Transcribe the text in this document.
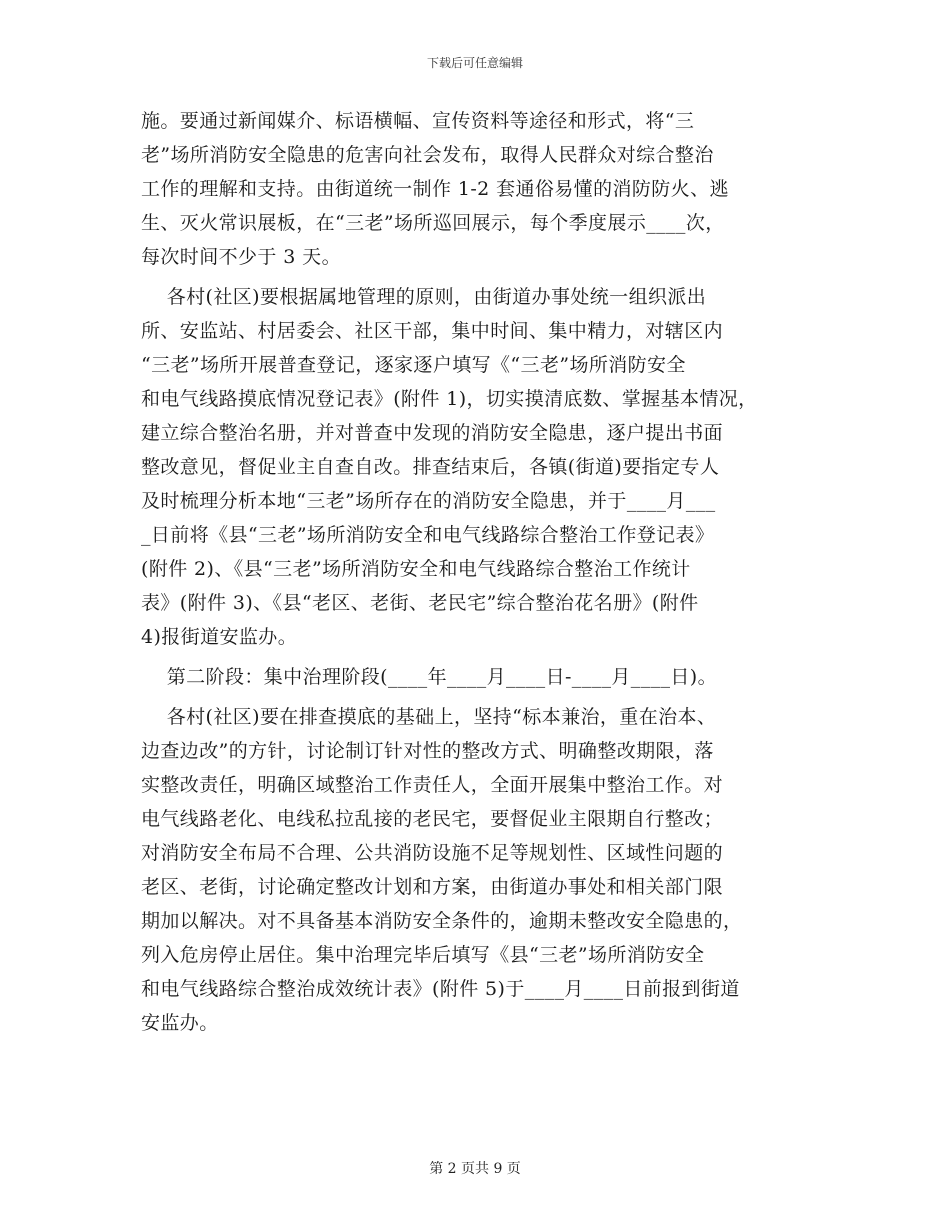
下载后可任意编辑
施。要通过新闻媒介、标语横幅、宣传资料等途径和形式，将“三
老”场所消防安全隐患的危害向社会发布，取得人民群众对综合整治
工作的理解和支持。由街道统一制作 1-2 套通俗易懂的消防防火、逃
生、灭火常识展板，在“三老”场所巡回展示，每个季度展示____次，
每次时间不少于 3 天。
各村(社区)要根据属地管理的原则，由街道办事处统一组织派出
所、安监站、村居委会、社区干部，集中时间、集中精力，对辖区内
“三老”场所开展普查登记，逐家逐户填写《“三老”场所消防安全
和电气线路摸底情况登记表》(附件 1)，切实摸清底数、掌握基本情况，
建立综合整治名册，并对普查中发现的消防安全隐患，逐户提出书面
整改意见，督促业主自查自改。排查结束后，各镇(街道)要指定专人
及时梳理分析本地“三老”场所存在的消防安全隐患，并于____月___
_日前将《县“三老”场所消防安全和电气线路综合整治工作登记表》
(附件 2)、《县“三老”场所消防安全和电气线路综合整治工作统计
表》(附件 3)、《县“老区、老街、老民宅”综合整治花名册》(附件
4)报街道安监办。
第二阶段：集中治理阶段(____年____月____日-____月____日)。
各村(社区)要在排查摸底的基础上，坚持“标本兼治，重在治本、
边查边改”的方针，讨论制订针对性的整改方式、明确整改期限，落
实整改责任，明确区域整治工作责任人，全面开展集中整治工作。对
电气线路老化、电线私拉乱接的老民宅，要督促业主限期自行整改；
对消防安全布局不合理、公共消防设施不足等规划性、区域性问题的
老区、老街，讨论确定整改计划和方案，由街道办事处和相关部门限
期加以解决。对不具备基本消防安全条件的，逾期未整改安全隐患的，
列入危房停止居住。集中治理完毕后填写《县“三老”场所消防安全
和电气线路综合整治成效统计表》(附件 5)于____月____日前报到街道
安监办。
第 2 页共 9 页
